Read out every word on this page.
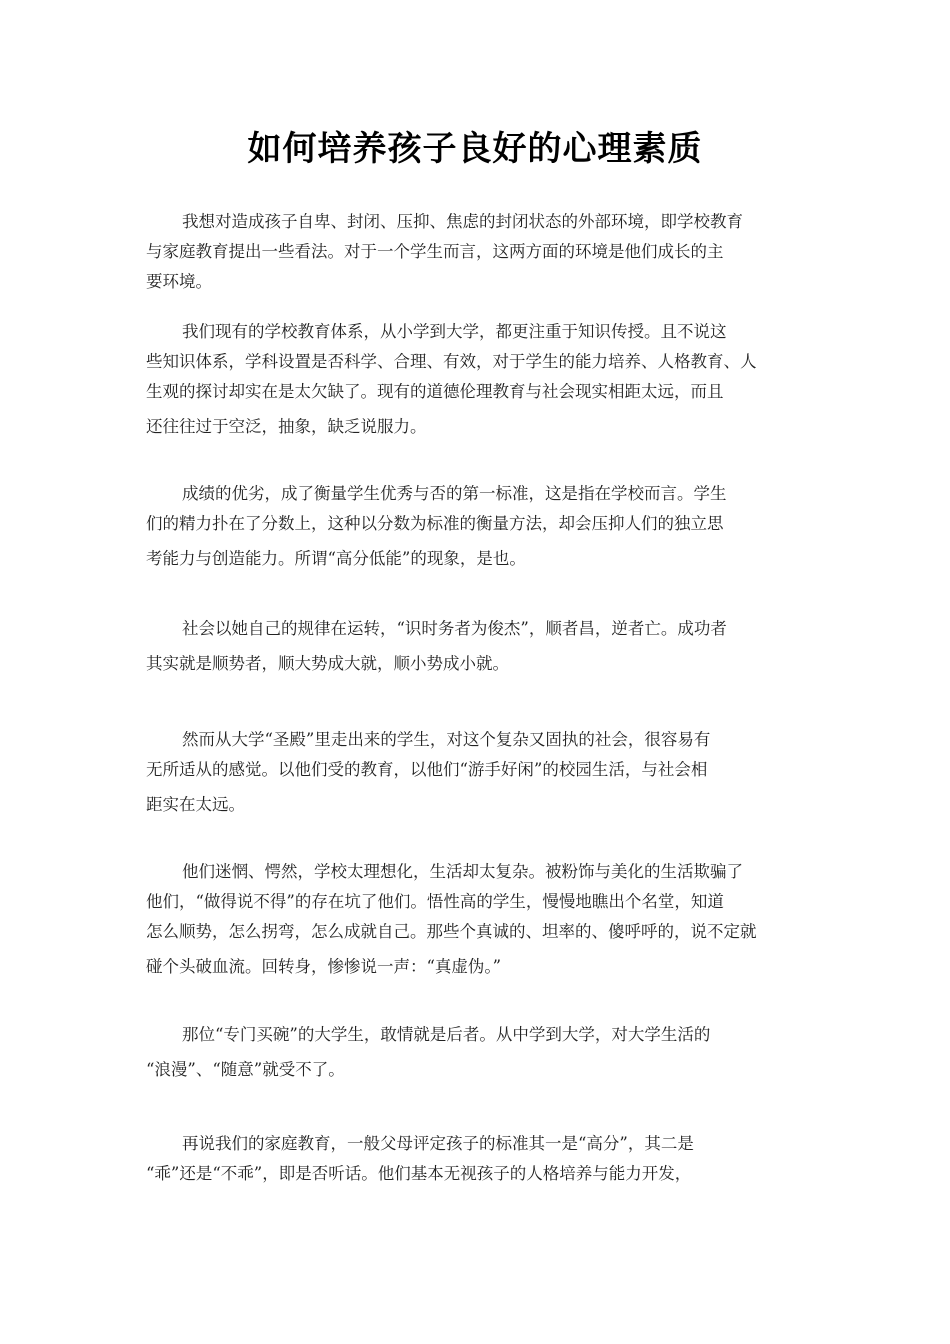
如何培养孩子良好的心理素质
我想对造成孩子自卑、封闭、压抑、焦虑的封闭状态的外部环境，即学校教育
与家庭教育提出一些看法。对于一个学生而言，这两方面的环境是他们成长的主
要环境。
我们现有的学校教育体系，从小学到大学，都更注重于知识传授。且不说这
些知识体系，学科设置是否科学、合理、有效，对于学生的能力培养、人格教育、人
生观的探讨却实在是太欠缺了。现有的道德伦理教育与社会现实相距太远，而且
还往往过于空泛，抽象，缺乏说服力。
成绩的优劣，成了衡量学生优秀与否的第一标准，这是指在学校而言。学生
们的精力扑在了分数上，这种以分数为标准的衡量方法，却会压抑人们的独立思
考能力与创造能力。所谓“高分低能”的现象，是也。
社会以她自己的规律在运转，“识时务者为俊杰”，顺者昌，逆者亡。成功者
其实就是顺势者，顺大势成大就，顺小势成小就。
然而从大学“圣殿”里走出来的学生，对这个复杂又固执的社会，很容易有
无所适从的感觉。以他们受的教育，以他们“游手好闲”的校园生活，与社会相
距实在太远。
他们迷惘、愕然，学校太理想化，生活却太复杂。被粉饰与美化的生活欺骗了
他们，“做得说不得”的存在坑了他们。悟性高的学生，慢慢地瞧出个名堂，知道
怎么顺势，怎么拐弯，怎么成就自己。那些个真诚的、坦率的、傻呼呼的，说不定就
碰个头破血流。回转身，惨惨说一声：“真虚伪。”
那位“专门买碗”的大学生，敢情就是后者。从中学到大学，对大学生活的
“浪漫”、“随意”就受不了。
再说我们的家庭教育，一般父母评定孩子的标准其一是“高分”，其二是
“乖”还是“不乖”，即是否听话。他们基本无视孩子的人格培养与能力开发，
